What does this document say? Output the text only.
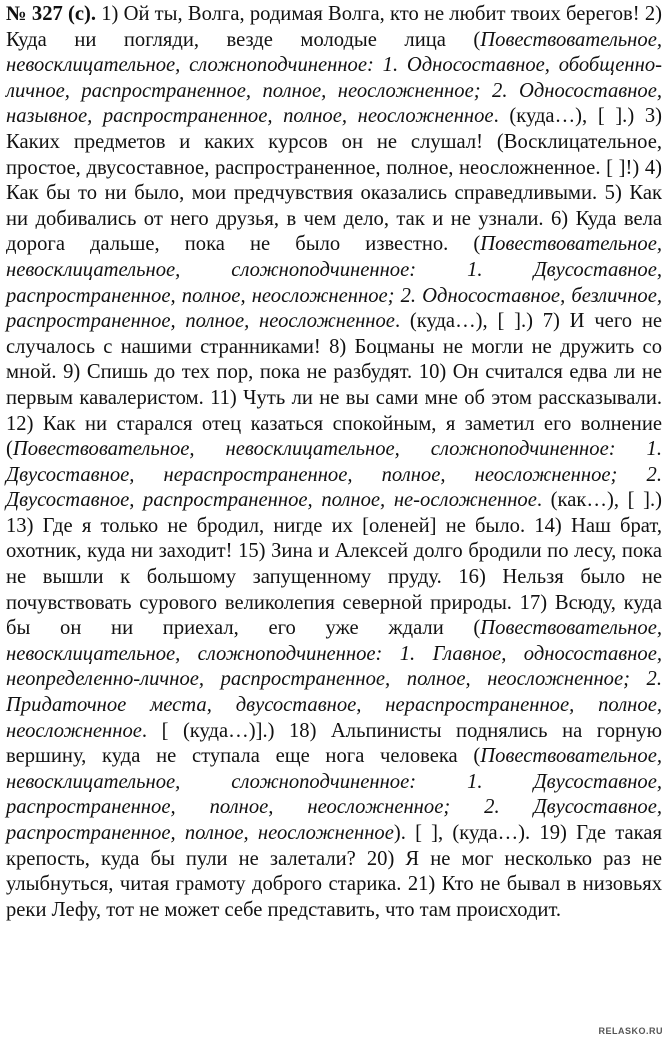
№ 327 (с). 1) Ой ты, Волга, родимая Волга, кто не любит твоих берегов! 2) Куда ни погляди, везде молодые лица (Повествовательное, невосклицательное, сложноподчиненное: 1. Односоставное, обобщенно-личное, распространенное, полное, неосложненное; 2. Односоставное, назывное, распространенное, полное, неосложненное. (куда…), [ ].) 3) Каких предметов и каких курсов он не слушал! (Восклицательное, простое, двусоставное, распространенное, полное, неосложненное. [ ]!) 4) Как бы то ни было, мои предчувствия оказались справедливыми. 5) Как ни добивались от него друзья, в чем дело, так и не узнали. 6) Куда вела дорога дальше, пока не было известно. (Повествовательное, невосклицательное, сложноподчиненное: 1. Двусоставное, распространенное, полное, неосложненное; 2. Односоставное, безличное, распространенное, полное, неосложненное. (куда…), [ ].) 7) И чего не случалось с нашими странниками! 8) Боцманы не могли не дружить со мной. 9) Спишь до тех пор, пока не разбудят. 10) Он считался едва ли не первым кавалеристом. 11) Чуть ли не вы сами мне об этом рассказывали. 12) Как ни старался отец казаться спокойным, я заметил его волнение (Повествовательное, невосклицательное, сложноподчиненное: 1. Двусоставное, нераспространенное, полное, неосложненное; 2. Двусоставное, распространенное, полное, не-осложненное. (как…), [ ].) 13) Где я только не бродил, нигде их [оленей] не было. 14) Наш брат, охотник, куда ни заходит! 15) Зина и Алексей долго бродили по лесу, пока не вышли к большому запущенному пруду. 16) Нельзя было не почувствовать сурового великолепия северной природы. 17) Всюду, куда бы он ни приехал, его уже ждали (Повествовательное, невосклицательное, сложноподчиненное: 1. Главное, односоставное, неопределенно-личное, распространенное, полное, неосложненное; 2. Придаточное места, двусоставное, нераспространенное, полное, неосложненное. [ (куда…)].) 18) Альпинисты поднялись на горную вершину, куда не ступала еще нога человека (Повествовательное, невосклицательное, сложноподчиненное: 1. Двусоставное, распространенное, полное, неосложненное; 2. Двусоставное, распространенное, полное, неосложненное). [ ], (куда…). 19) Где такая крепость, куда бы пули не залетали? 20) Я не мог несколько раз не улыбнуться, читая грамоту доброго старика. 21) Кто не бывал в низовьях реки Лефу, тот не может себе представить, что там происходит.

RELASKO.RU
